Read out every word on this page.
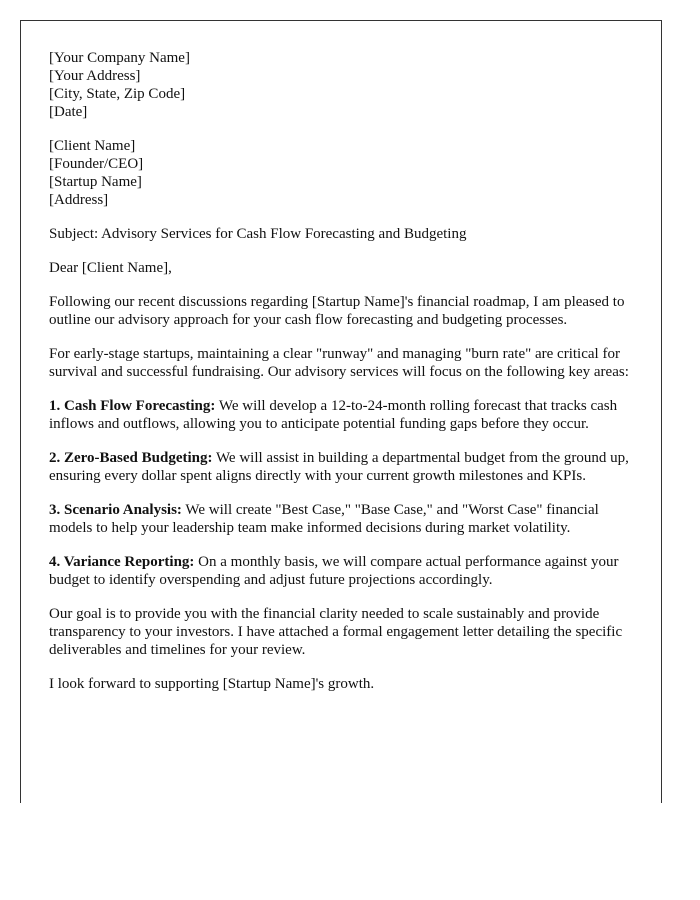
[Your Company Name]
[Your Address]
[City, State, Zip Code]
[Date]

[Client Name]
[Founder/CEO]
[Startup Name]
[Address]

Subject: Advisory Services for Cash Flow Forecasting and Budgeting

Dear [Client Name],

Following our recent discussions regarding [Startup Name]'s financial roadmap, I am pleased to outline our advisory approach for your cash flow forecasting and budgeting processes.

For early-stage startups, maintaining a clear "runway" and managing "burn rate" are critical for survival and successful fundraising. Our advisory services will focus on the following key areas:

1. Cash Flow Forecasting: We will develop a 12-to-24-month rolling forecast that tracks cash inflows and outflows, allowing you to anticipate potential funding gaps before they occur.

2. Zero-Based Budgeting: We will assist in building a departmental budget from the ground up, ensuring every dollar spent aligns directly with your current growth milestones and KPIs.

3. Scenario Analysis: We will create "Best Case," "Base Case," and "Worst Case" financial models to help your leadership team make informed decisions during market volatility.

4. Variance Reporting: On a monthly basis, we will compare actual performance against your budget to identify overspending and adjust future projections accordingly.

Our goal is to provide you with the financial clarity needed to scale sustainably and provide transparency to your investors. I have attached a formal engagement letter detailing the specific deliverables and timelines for your review.

I look forward to supporting [Startup Name]'s growth.
